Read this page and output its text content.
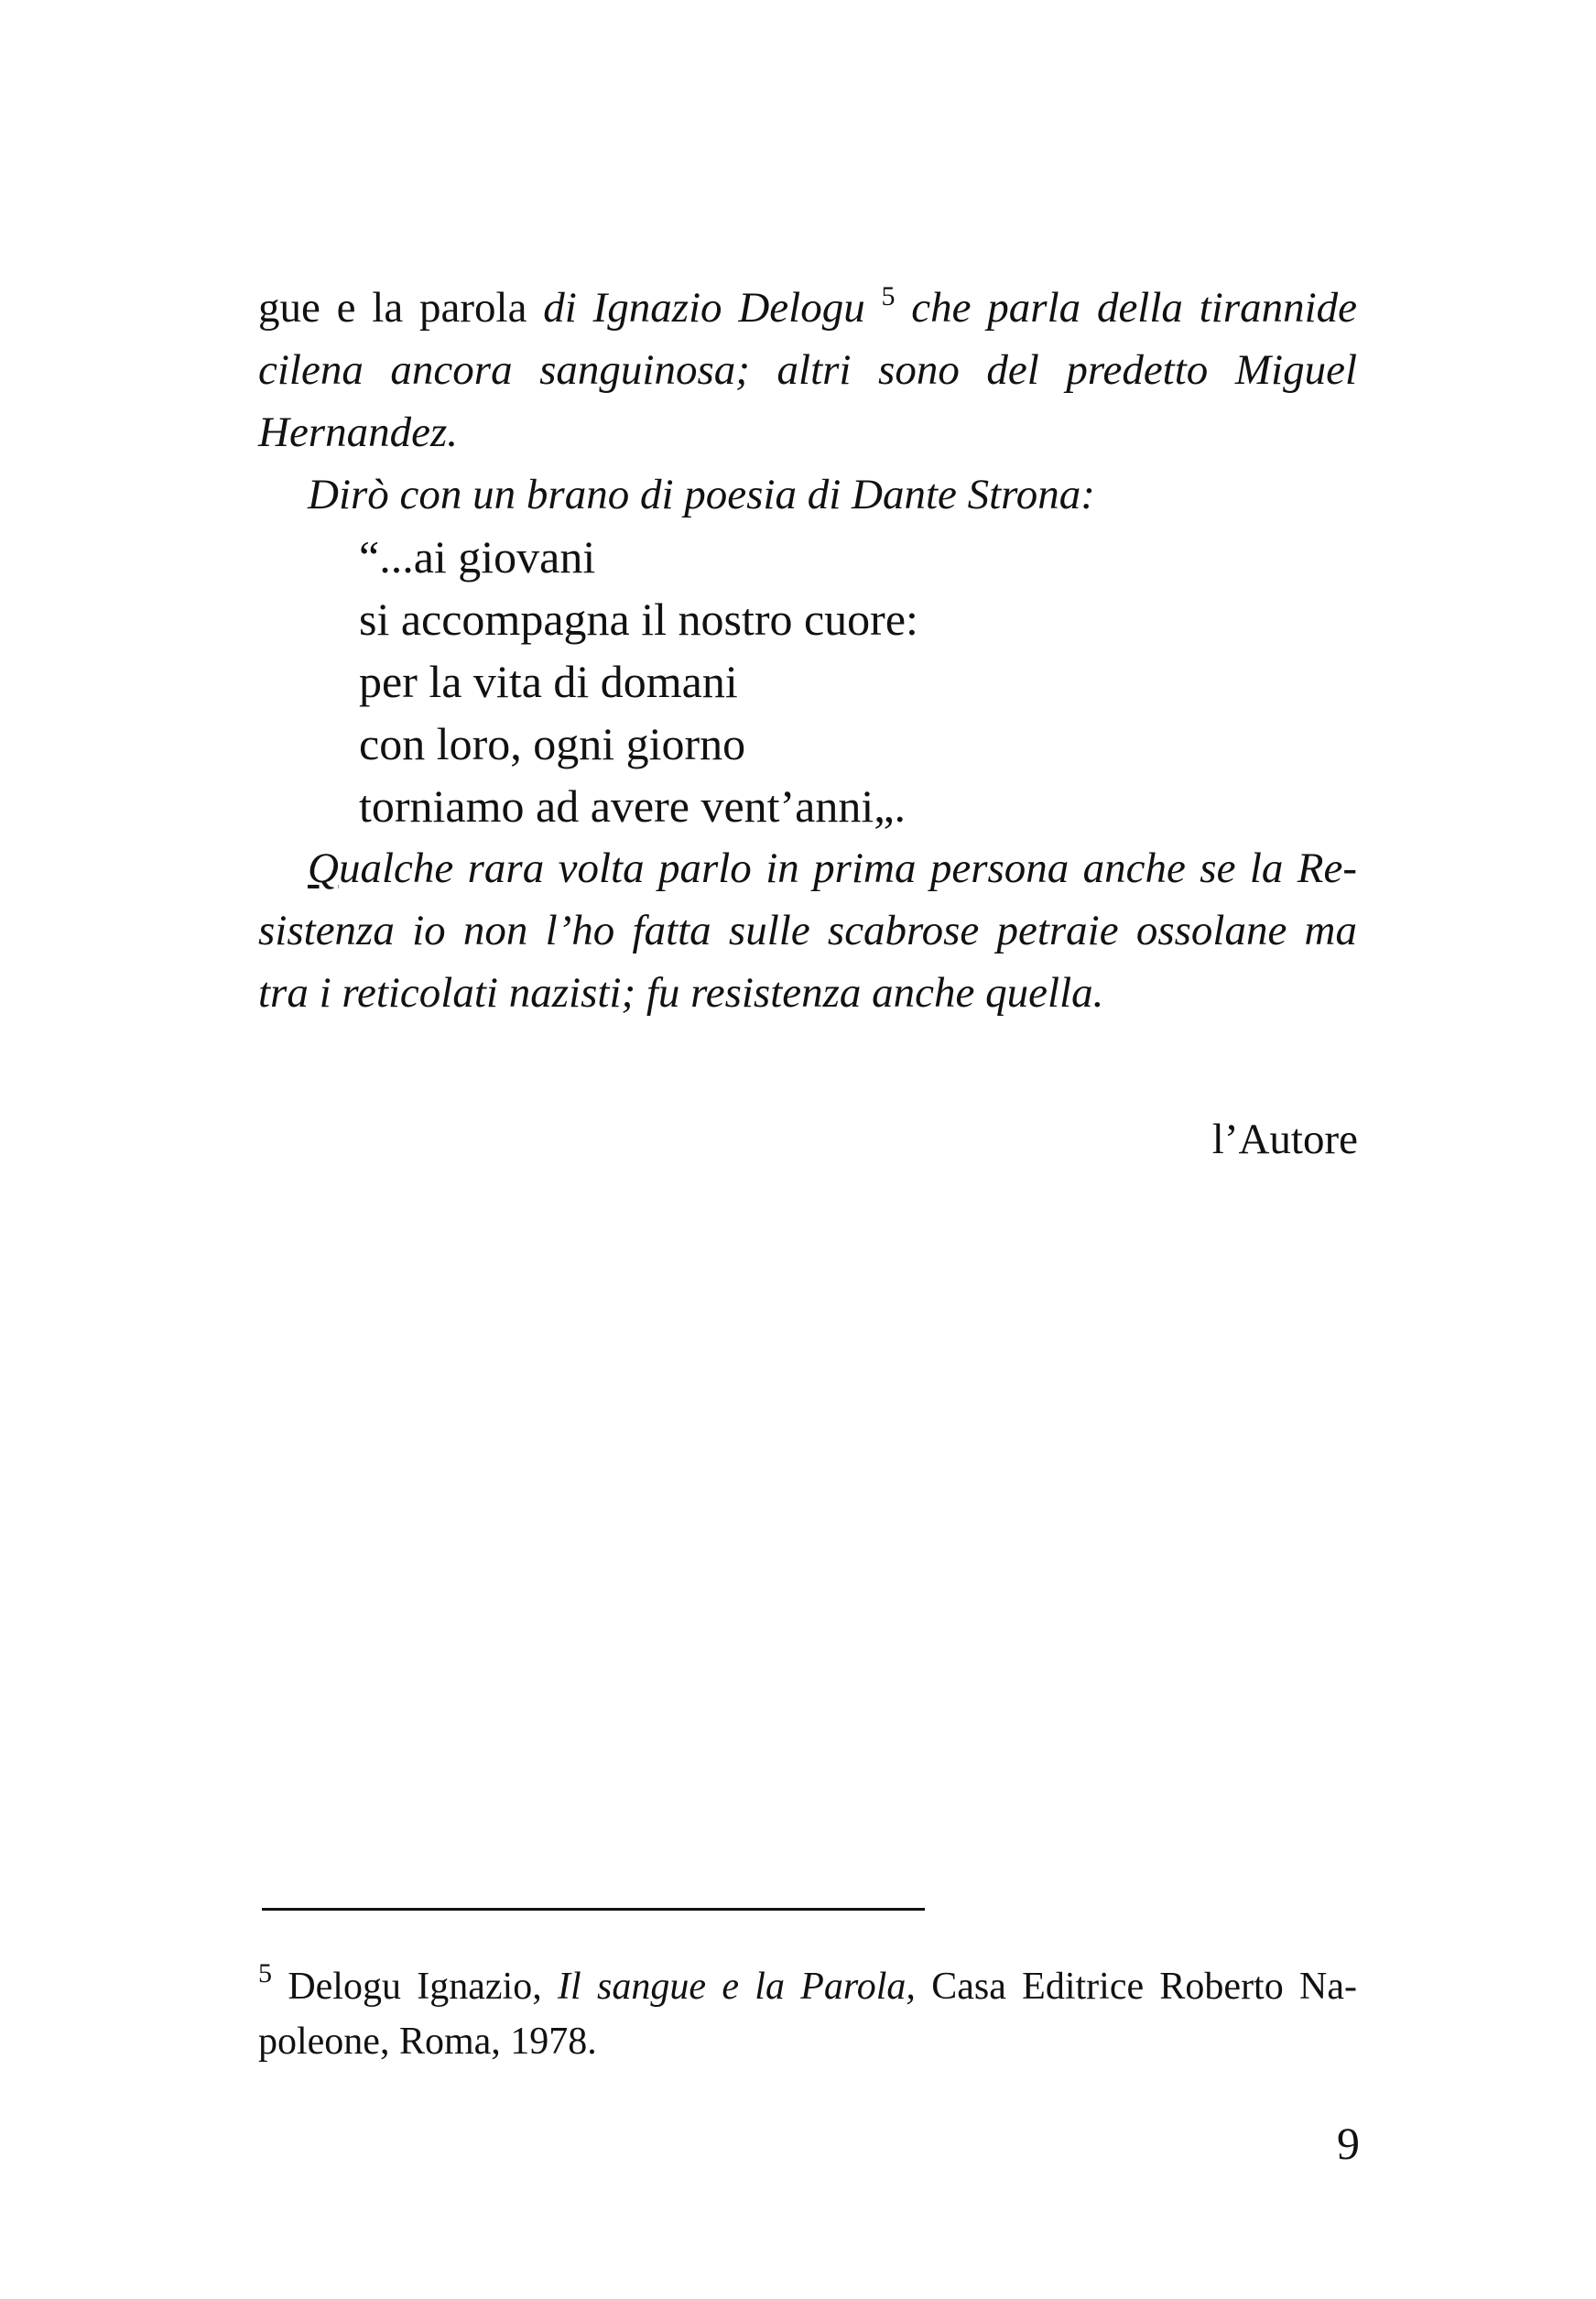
gue e la parola di Ignazio Delogu $^5$ che parla della tirannide
cilena ancora sanguinosa; altri sono del predetto Miguel
Hernandez.
Dirò con un brano di poesia di Dante Strona:
“...ai giovani
si accompagna il nostro cuore:
per la vita di domani
con loro, ogni giorno
torniamo ad avere vent’anni„.
Qualche rara volta parlo in prima persona anche se la Re-
sistenza io non l’ho fatta sulle scabrose petraie ossolane ma
tra i reticolati nazisti; fu resistenza anche quella.
l’Autore
$^5$ Delogu Ignazio, Il sangue e la Parola, Casa Editrice Roberto Na-
poleone, Roma, 1978.
9
